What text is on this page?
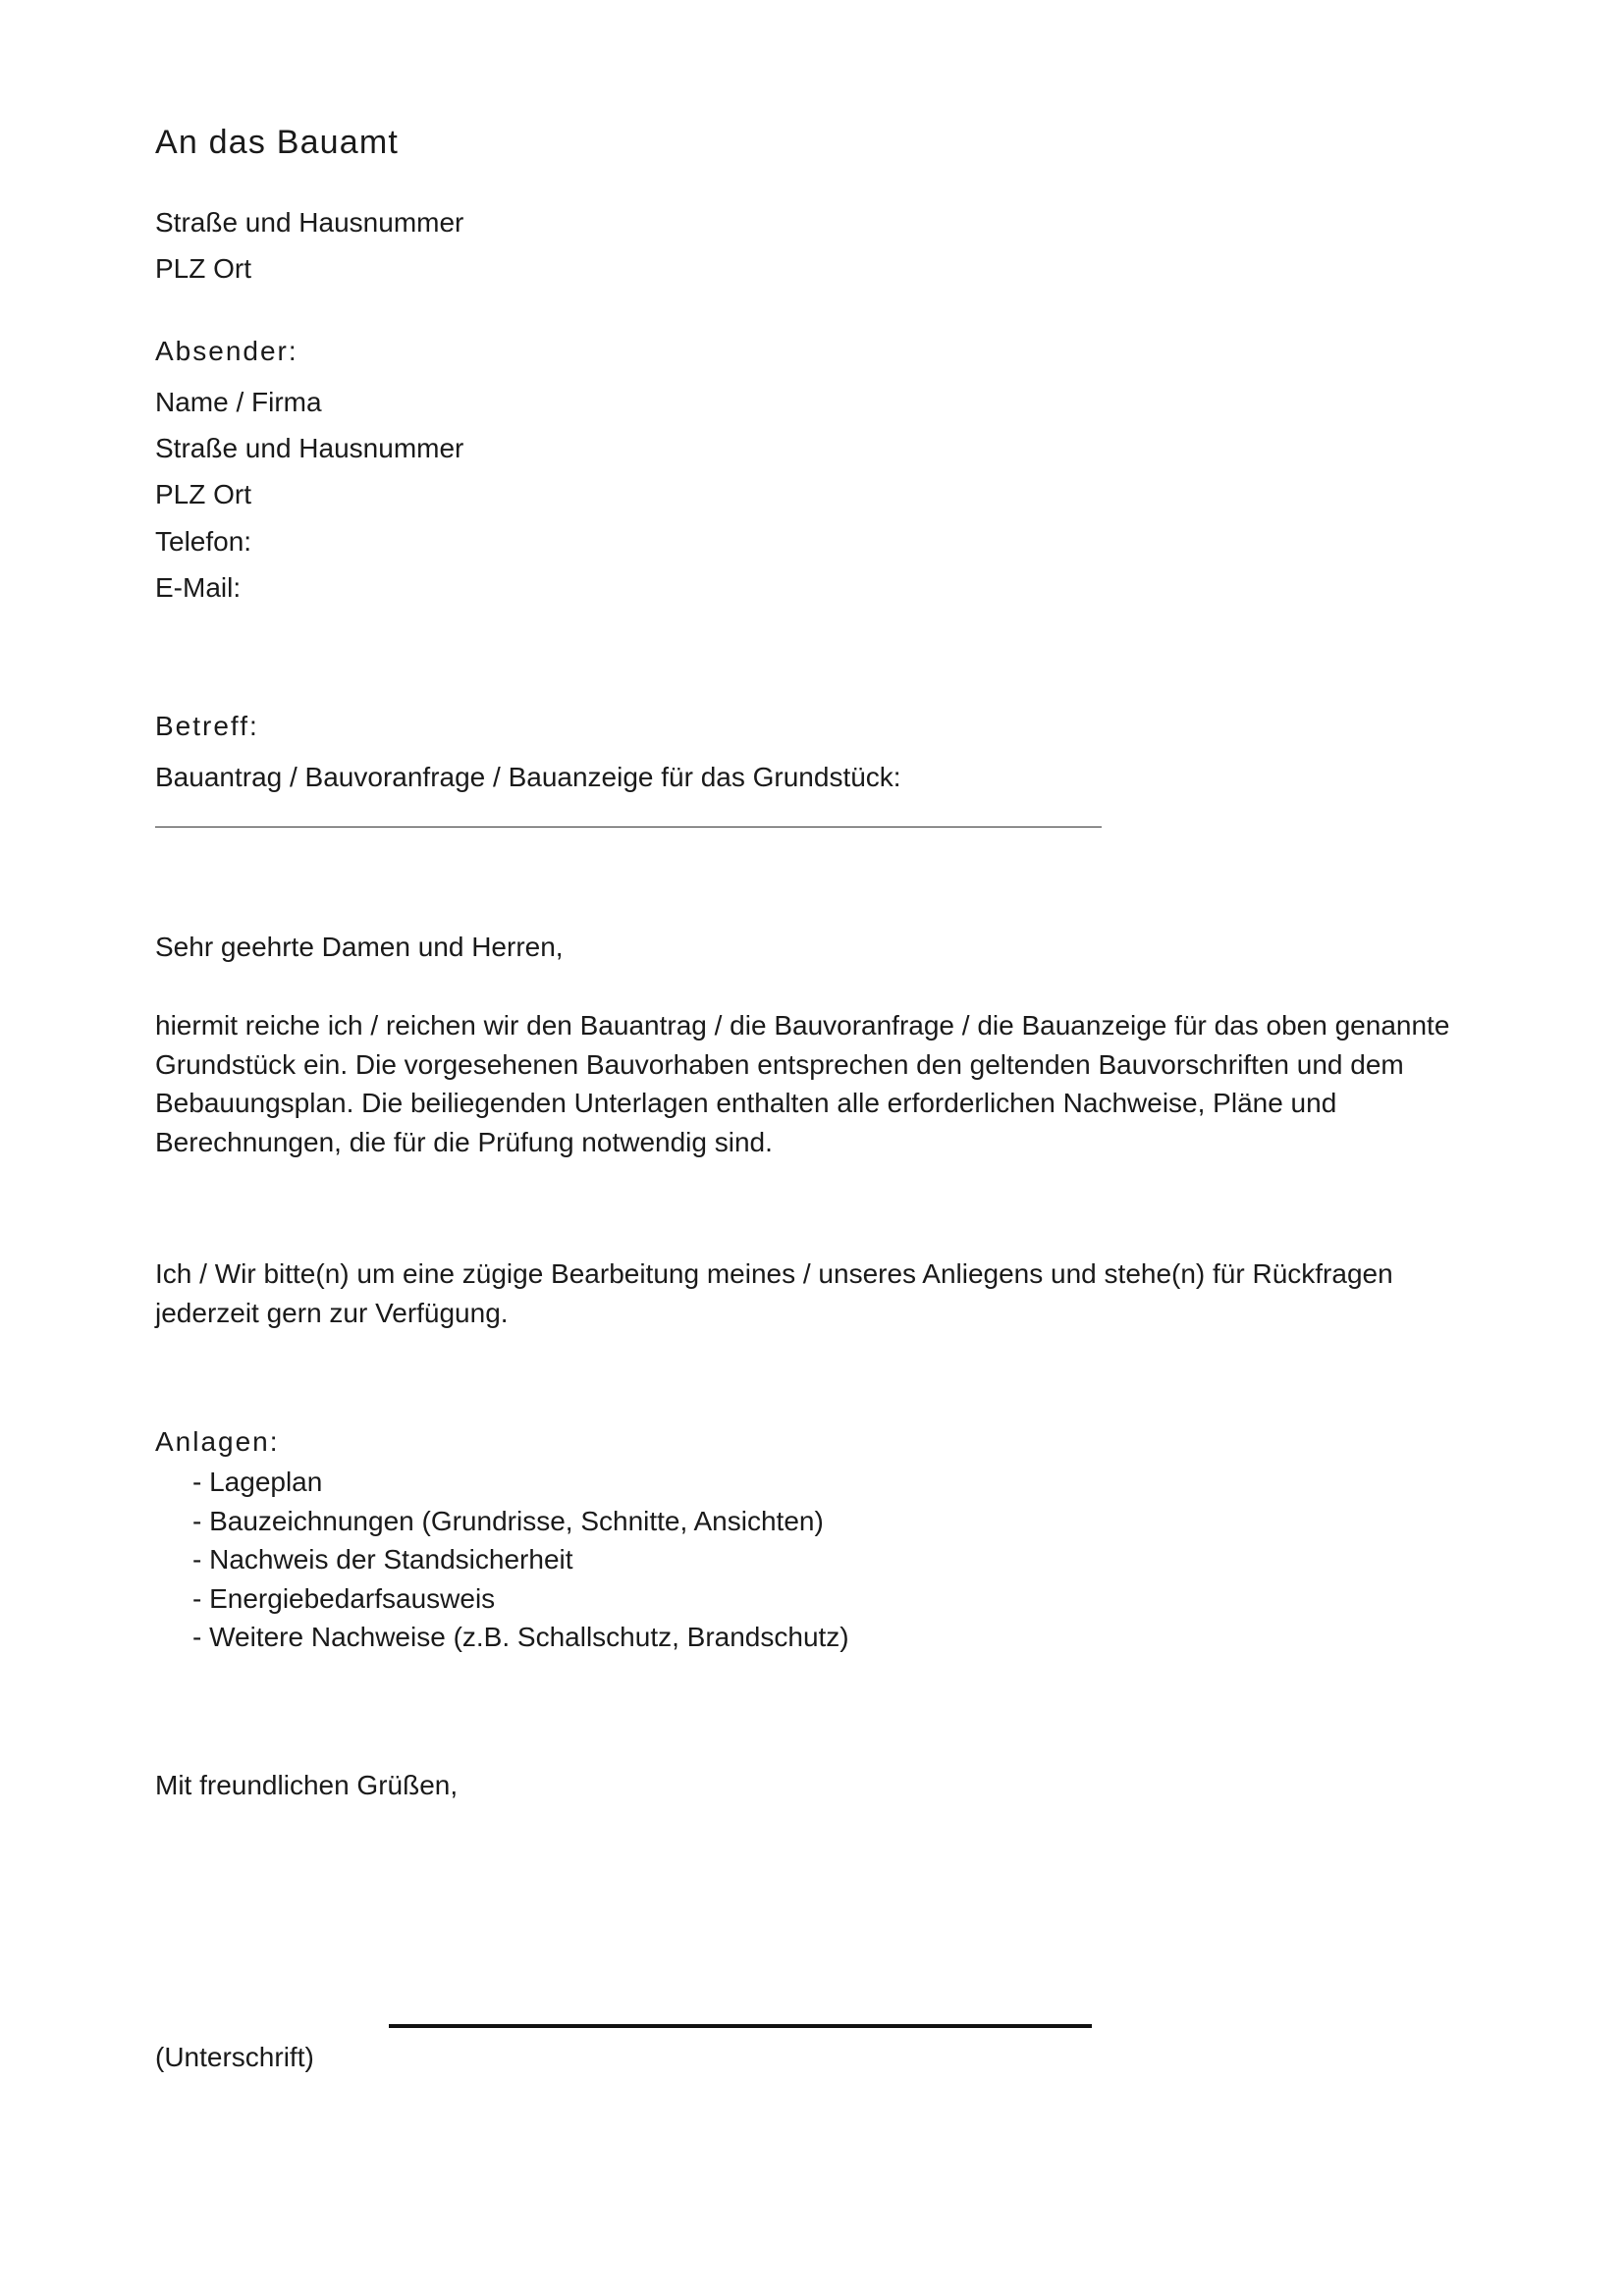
An das Bauamt
Straße und Hausnummer
PLZ Ort
Absender:
Name / Firma
Straße und Hausnummer
PLZ Ort
Telefon:
E-Mail:
Betreff:
Bauantrag / Bauvoranfrage / Bauanzeige für das Grundstück:
Sehr geehrte Damen und Herren,
hiermit reiche ich / reichen wir den Bauantrag / die Bauvoranfrage / die Bauanzeige für das oben genannte
Grundstück ein. Die vorgesehenen Bauvorhaben entsprechen den geltenden Bauvorschriften und dem
Bebauungsplan. Die beiliegenden Unterlagen enthalten alle erforderlichen Nachweise, Pläne und
Berechnungen, die für die Prüfung notwendig sind.
Ich / Wir bitte(n) um eine zügige Bearbeitung meines / unseres Anliegens und stehe(n) für Rückfragen
jederzeit gern zur Verfügung.
Anlagen:
- Lageplan
- Bauzeichnungen (Grundrisse, Schnitte, Ansichten)
- Nachweis der Standsicherheit
- Energiebedarfsausweis
- Weitere Nachweise (z.B. Schallschutz, Brandschutz)
Mit freundlichen Grüßen,
(Unterschrift)
